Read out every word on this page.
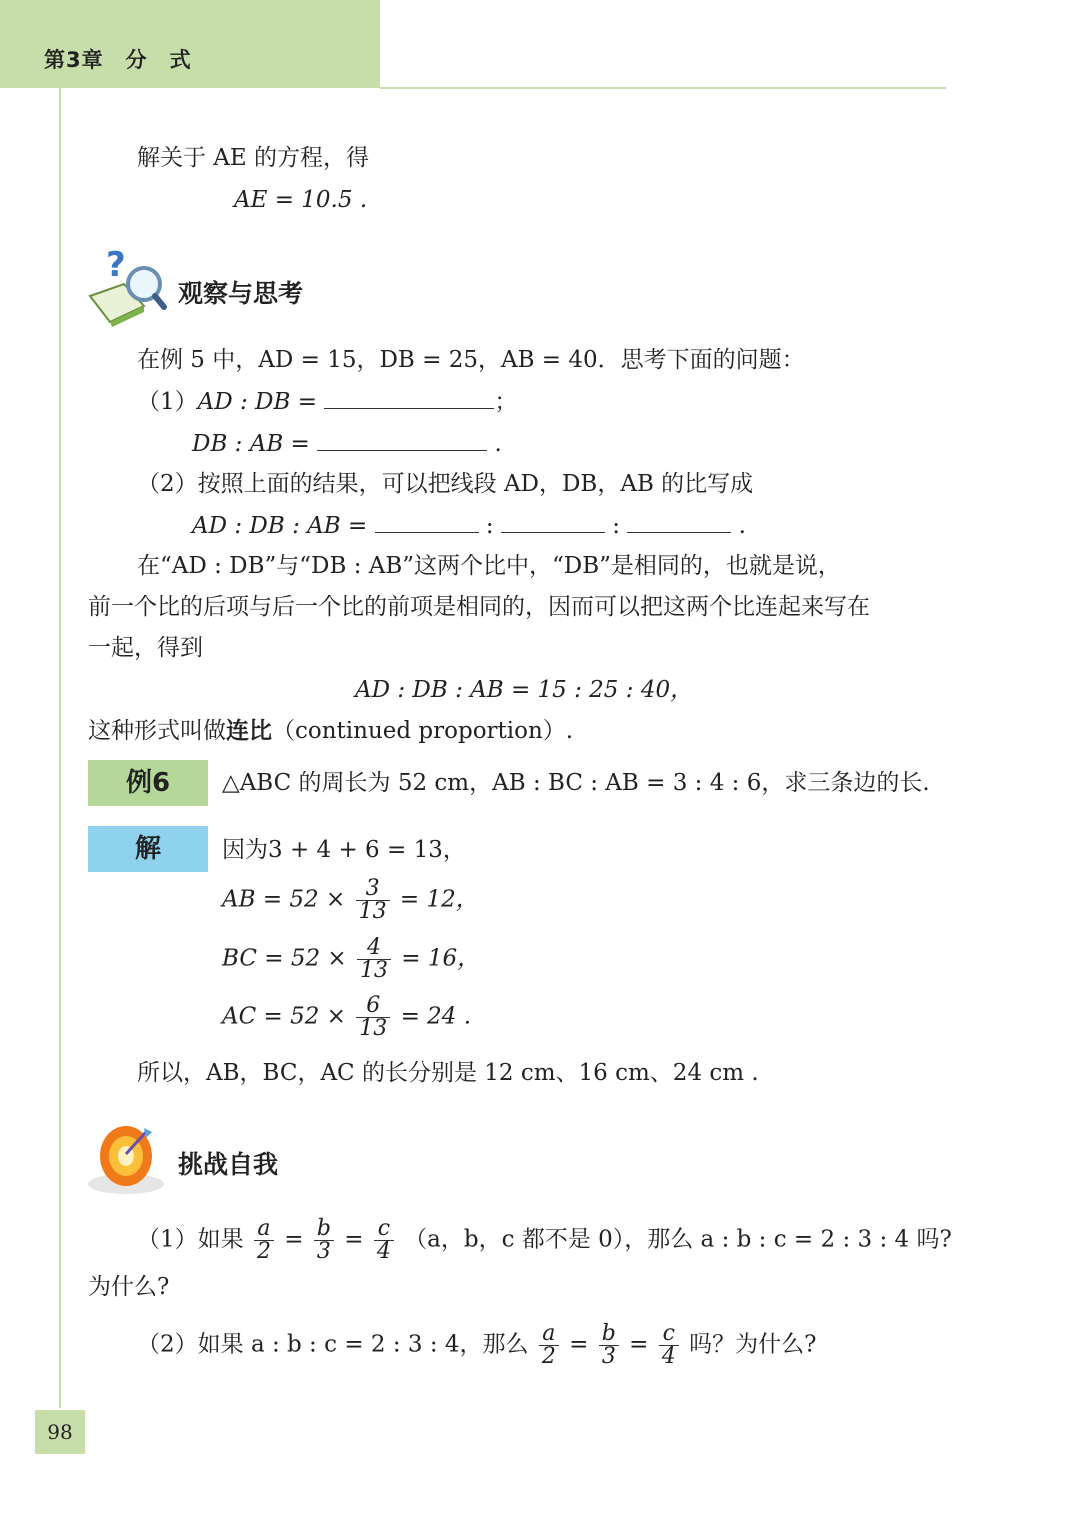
第3章　分　式
解关于 AE 的方程，得
AE = 10.5 .
?
观察与思考
在例 5 中，AD = 15，DB = 25，AB = 40．思考下面的问题：
（1）AD : DB =	；
DB : AB =	.
（2）按照上面的结果，可以把线段 AD，DB，AB 的比写成
AD : DB : AB =	:	:	.
在“AD : DB”与“DB : AB”这两个比中，“DB”是相同的，也就是说，
前一个比的后项与后一个比的前项是相同的，因而可以把这两个比连起来写在
一起，得到
AD : DB : AB = 15 : 25 : 40，
这种形式叫做连比（continued proportion）.
例6	△ABC 的周长为 52 cm，AB : BC : AB = 3 : 4 : 6，求三条边的长.
解	因为3 + 4 + 6 = 13，
AB = $52 \times \frac{3}{13} = 12$，
BC = $52 \times \frac{4}{13} = 16$，
AC = $52 \times \frac{6}{13} = 24$ .
所以，AB，BC，AC 的长分别是 12 cm、16 cm、24 cm .
挑战自我
（1）如果 $\frac{a}{2} = \frac{b}{3} = \frac{c}{4} (a$，b，c 都不是 0），那么 a : b : c = 2 : 3 : 4 吗?
为什么?
（2）如果 a : b : c = 2 : 3 : 4，那么 $\frac{a}{2} = \frac{b}{3} = \frac{c}{4}$ 吗？为什么?
98
